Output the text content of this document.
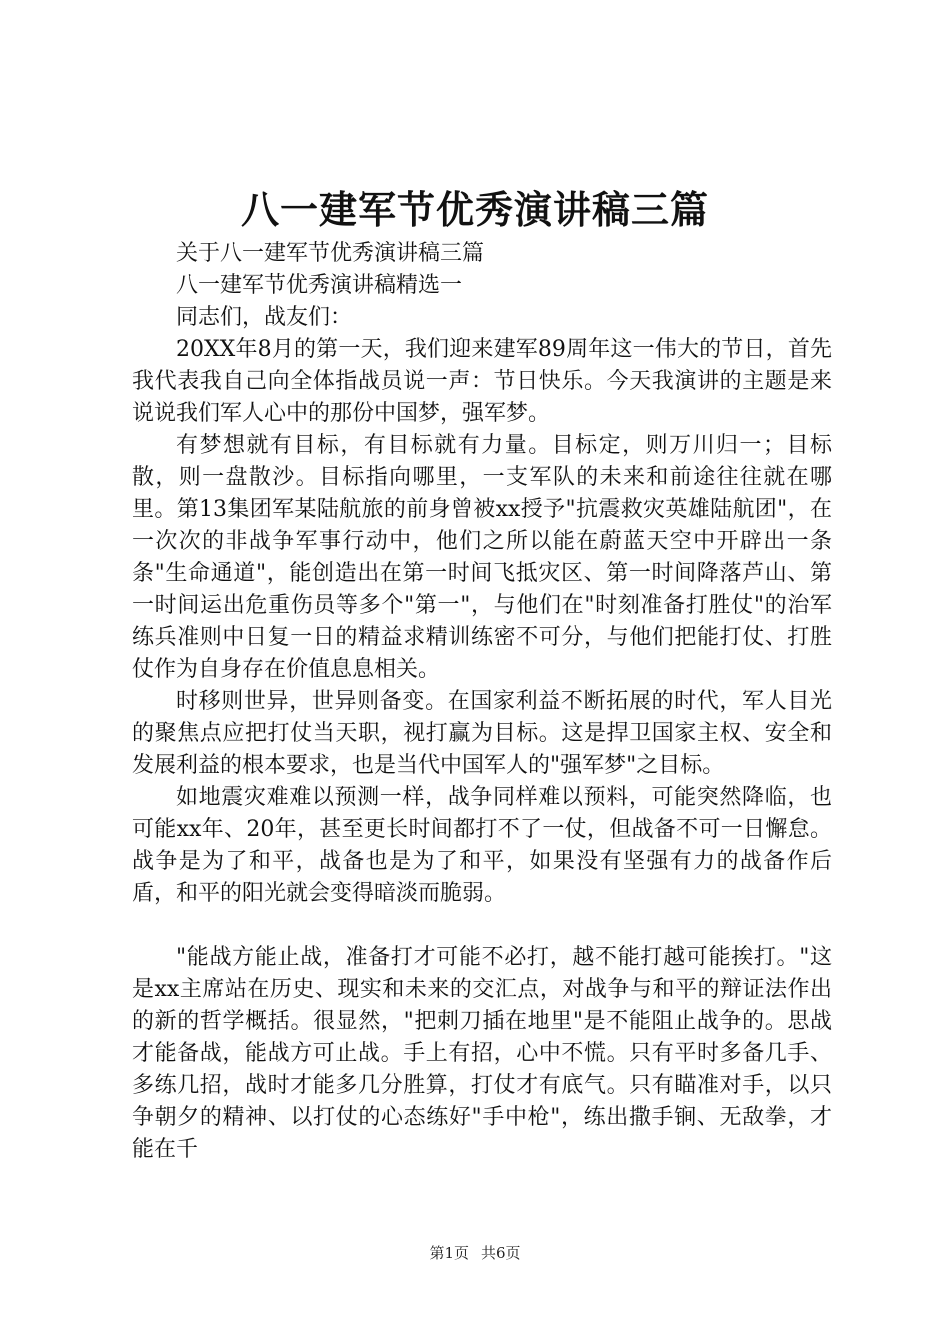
八一建军节优秀演讲稿三篇

关于八一建军节优秀演讲稿三篇

八一建军节优秀演讲稿精选一

同志们，战友们：

20XX年8月的第一天，我们迎来建军89周年这一伟大的节日，首先我代表我自己向全体指战员说一声：节日快乐。今天我演讲的主题是来说说我们军人心中的那份中国梦，强军梦。

有梦想就有目标，有目标就有力量。目标定，则万川归一；目标散，则一盘散沙。目标指向哪里，一支军队的未来和前途往往就在哪里。第13集团军某陆航旅的前身曾被xx授予"抗震救灾英雄陆航团"，在一次次的非战争军事行动中，他们之所以能在蔚蓝天空中开辟出一条条"生命通道"，能创造出在第一时间飞抵灾区、第一时间降落芦山、第一时间运出危重伤员等多个"第一"，与他们在"时刻准备打胜仗"的治军练兵准则中日复一日的精益求精训练密不可分，与他们把能打仗、打胜仗作为自身存在价值息息相关。

时移则世异，世异则备变。在国家利益不断拓展的时代，军人目光的聚焦点应把打仗当天职，视打赢为目标。这是捍卫国家主权、安全和发展利益的根本要求，也是当代中国军人的"强军梦"之目标。

如地震灾难难以预测一样，战争同样难以预料，可能突然降临，也可能xx年、20年，甚至更长时间都打不了一仗，但战备不可一日懈怠。战争是为了和平，战备也是为了和平，如果没有坚强有力的战备作后盾，和平的阳光就会变得暗淡而脆弱。

"能战方能止战，准备打才可能不必打，越不能打越可能挨打。"这是xx主席站在历史、现实和未来的交汇点，对战争与和平的辩证法作出的新的哲学概括。很显然，"把刺刀插在地里"是不能阻止战争的。思战才能备战，能战方可止战。手上有招，心中不慌。只有平时多备几手、多练几招，战时才能多几分胜算，打仗才有底气。只有瞄准对手，以只争朝夕的精神、以打仗的心态练好"手中枪"，练出撒手锏、无敌拳，才能在千

第1页 共6页
